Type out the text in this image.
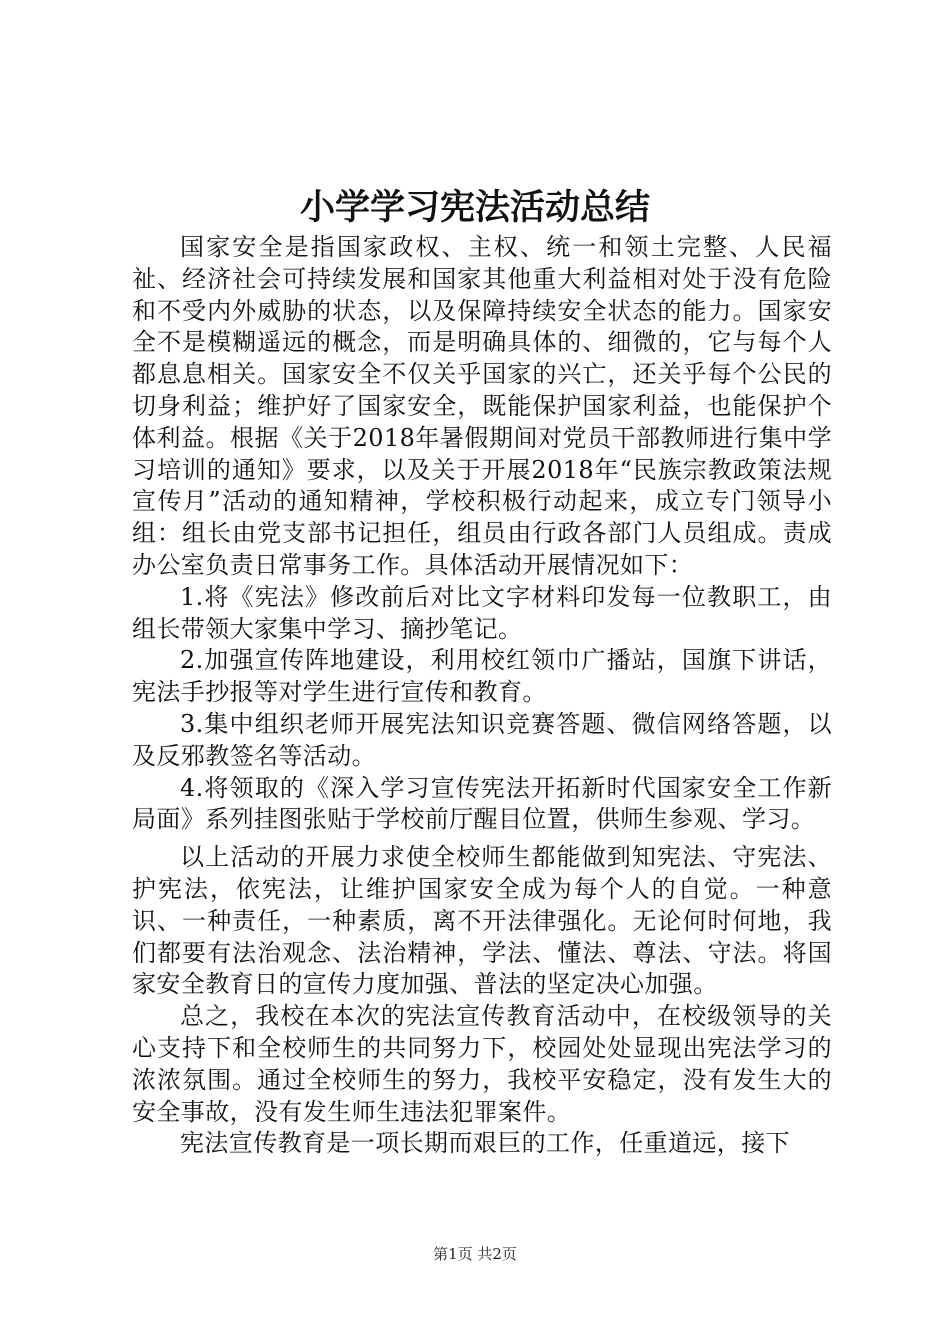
小学学习宪法活动总结

国家安全是指国家政权、主权、统一和领土完整、人民福祉、经济社会可持续发展和国家其他重大利益相对处于没有危险和不受内外威胁的状态，以及保障持续安全状态的能力。国家安全不是模糊遥远的概念，而是明确具体的、细微的，它与每个人都息息相关。国家安全不仅关乎国家的兴亡，还关乎每个公民的切身利益；维护好了国家安全，既能保护国家利益，也能保护个体利益。根据《关于2018年暑假期间对党员干部教师进行集中学习培训的通知》要求，以及关于开展2018年“民族宗教政策法规宣传月”活动的通知精神，学校积极行动起来，成立专门领导小组：组长由党支部书记担任，组员由行政各部门人员组成。责成办公室负责日常事务工作。具体活动开展情况如下：

1.将《宪法》修改前后对比文字材料印发每一位教职工，由组长带领大家集中学习、摘抄笔记。

2.加强宣传阵地建设，利用校红领巾广播站，国旗下讲话，宪法手抄报等对学生进行宣传和教育。

3.集中组织老师开展宪法知识竞赛答题、微信网络答题，以及反邪教签名等活动。

4.将领取的《深入学习宣传宪法开拓新时代国家安全工作新局面》系列挂图张贴于学校前厅醒目位置，供师生参观、学习。

以上活动的开展力求使全校师生都能做到知宪法、守宪法、护宪法，依宪法，让维护国家安全成为每个人的自觉。一种意识、一种责任，一种素质，离不开法律强化。无论何时何地，我们都要有法治观念、法治精神，学法、懂法、尊法、守法。将国家安全教育日的宣传力度加强、普法的坚定决心加强。

总之，我校在本次的宪法宣传教育活动中，在校级领导的关心支持下和全校师生的共同努力下，校园处处显现出宪法学习的浓浓氛围。通过全校师生的努力，我校平安稳定，没有发生大的安全事故，没有发生师生违法犯罪案件。

宪法宣传教育是一项长期而艰巨的工作，任重道远，接下

第1页 共2页
